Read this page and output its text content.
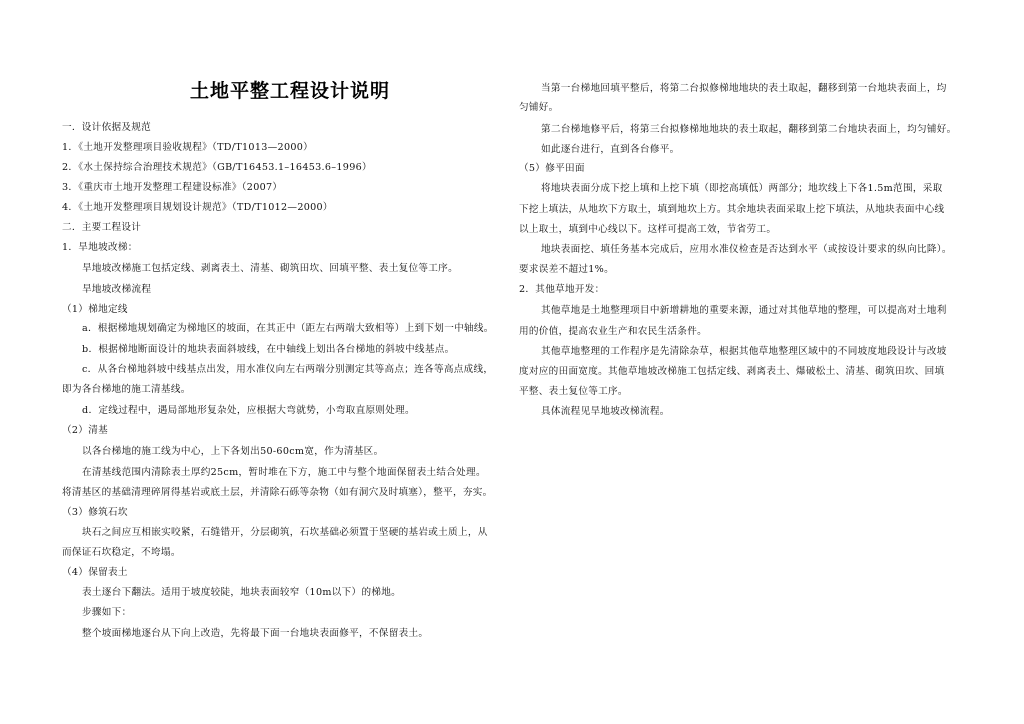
土地平整工程设计说明
一．设计依据及规范
1．《土地开发整理项目验收规程》（TD/T1013—2000）
2．《水土保持综合治理技术规范》（GB/T16453.1–16453.6–1996）
3．《重庆市土地开发整理工程建设标准》（2007）
4．《土地开发整理项目规划设计规范》（TD/T1012—2000）
二．主要工程设计
1．旱地坡改梯：
旱地坡改梯施工包括定线、剥离表土、清基、砌筑田坎、回填平整、表土复位等工序。
旱地坡改梯流程
（1）梯地定线
a．根据梯地规划确定为梯地区的坡面，在其正中（距左右两端大致相等）上到下划一中轴线。
b．根据梯地断面设计的地块表面斜坡线，在中轴线上划出各台梯地的斜坡中线基点。
c．从各台梯地斜坡中线基点出发，用水准仪向左右两端分别测定其等高点；连各等高点成线，
即为各台梯地的施工清基线。
d．定线过程中，遇局部地形复杂处，应根据大弯就势，小弯取直原则处理。
（2）清基
以各台梯地的施工线为中心，上下各划出50-60cm宽，作为清基区。
在清基线范围内清除表土厚约25cm，暂时堆在下方，施工中与整个地面保留表土结合处理。
将清基区的基础清理碎屑得基岩或底土层，并清除石砾等杂物（如有洞穴及时填塞），整平，夯实。
（3）修筑石坎
块石之间应互相嵌实咬紧，石缝错开，分层砌筑，石坎基础必须置于坚硬的基岩或土质上，从
而保证石坎稳定，不垮塌。
（4）保留表土
表土逐台下翻法。适用于坡度较陡，地块表面较窄（10m以下）的梯地。
步骤如下：
整个坡面梯地逐台从下向上改造，先将最下面一台地块表面修平，不保留表土。
当第一台梯地回填平整后，将第二台拟修梯地地块的表土取起，翻移到第一台地块表面上，均
匀铺好。
第二台梯地修平后，将第三台拟修梯地地块的表土取起，翻移到第二台地块表面上，均匀铺好。
如此逐台进行，直到各台修平。
（5）修平田面
将地块表面分成下挖上填和上挖下填（即挖高填低）两部分；地坎线上下各1.5m范围，采取
下挖上填法，从地坎下方取土，填到地坎上方。其余地块表面采取上挖下填法，从地块表面中心线
以上取土，填到中心线以下。这样可提高工效，节省劳工。
地块表面挖、填任务基本完成后，应用水准仪检查是否达到水平（或按设计要求的纵向比降）。
要求误差不超过1%。
2．其他草地开发：
其他草地是土地整理项目中新增耕地的重要来源，通过对其他草地的整理，可以提高对土地利
用的价值，提高农业生产和农民生活条件。
其他草地整理的工作程序是先清除杂草，根据其他草地整理区域中的不同坡度地段设计与改坡
度对应的田面宽度。其他草地坡改梯施工包括定线、剥离表土、爆破松土、清基、砌筑田坎、回填
平整、表土复位等工序。
具体流程见旱地坡改梯流程。
